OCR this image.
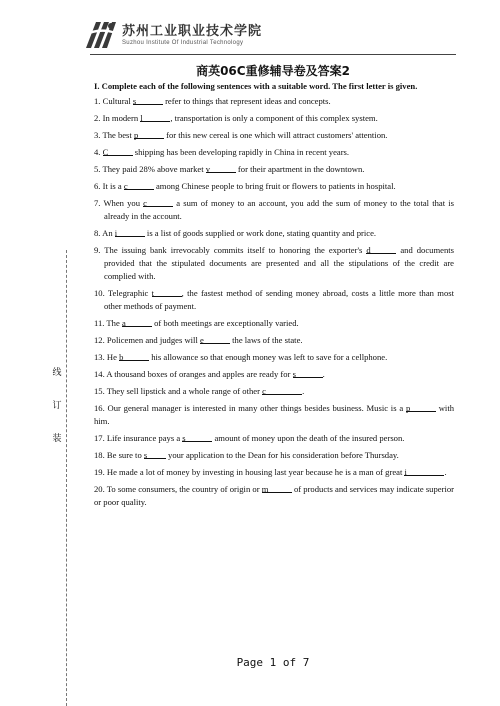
线
订
装
苏州工业职业技术学院
Suzhou Institute Of Industrial Technology
商英06C重修辅导卷及答案2
I. Complete each of the following sentences with a suitable word. The first letter is given.
1. Cultural s	refer to things that represent ideas and concepts.
2. In modern l	, transportation is only a component of this complex system.
3. The best p	for this new cereal is one which will attract customers' attention.
4. C	shipping has been developing rapidly in China in recent years.
5. They paid 28% above market v	for their apartment in the downtown.
6. It is a c	among Chinese people to bring fruit or flowers to patients in hospital.
7. When you c	a sum of money to an account, you add the sum of money to the total that is already in the account.
8. An i	is a list of goods supplied or work done, stating quantity and price.
9. The issuing bank irrevocably commits itself to honoring the exporter's d	and documents provided that the stipulated documents are presented and all the stipulations of the credit are complied with.
10. Telegraphic t	, the fastest method of sending money abroad, costs a little more than most other methods of payment.
11. The a	of both meetings are exceptionally varied.
12. Policemen and judges will e	the laws of the state.
13. He b	his allowance so that enough money was left to save for a cellphone.
14. A thousand boxes of oranges and apples are ready for s	.
15. They sell lipstick and a whole range of other c	.
16. Our general manager is interested in many other things besides business. Music is a p	with him.
17. Life insurance pays a s	amount of money upon the death of the insured person.
18. Be sure to s your application to the Dean for his consideration before Thursday.
19. He made a lot of money by investing in housing last year because he is a man of great i	.
20. To some consumers, the country of origin or m	of products and services may indicate superior or poor quality.
Page 1 of 7
